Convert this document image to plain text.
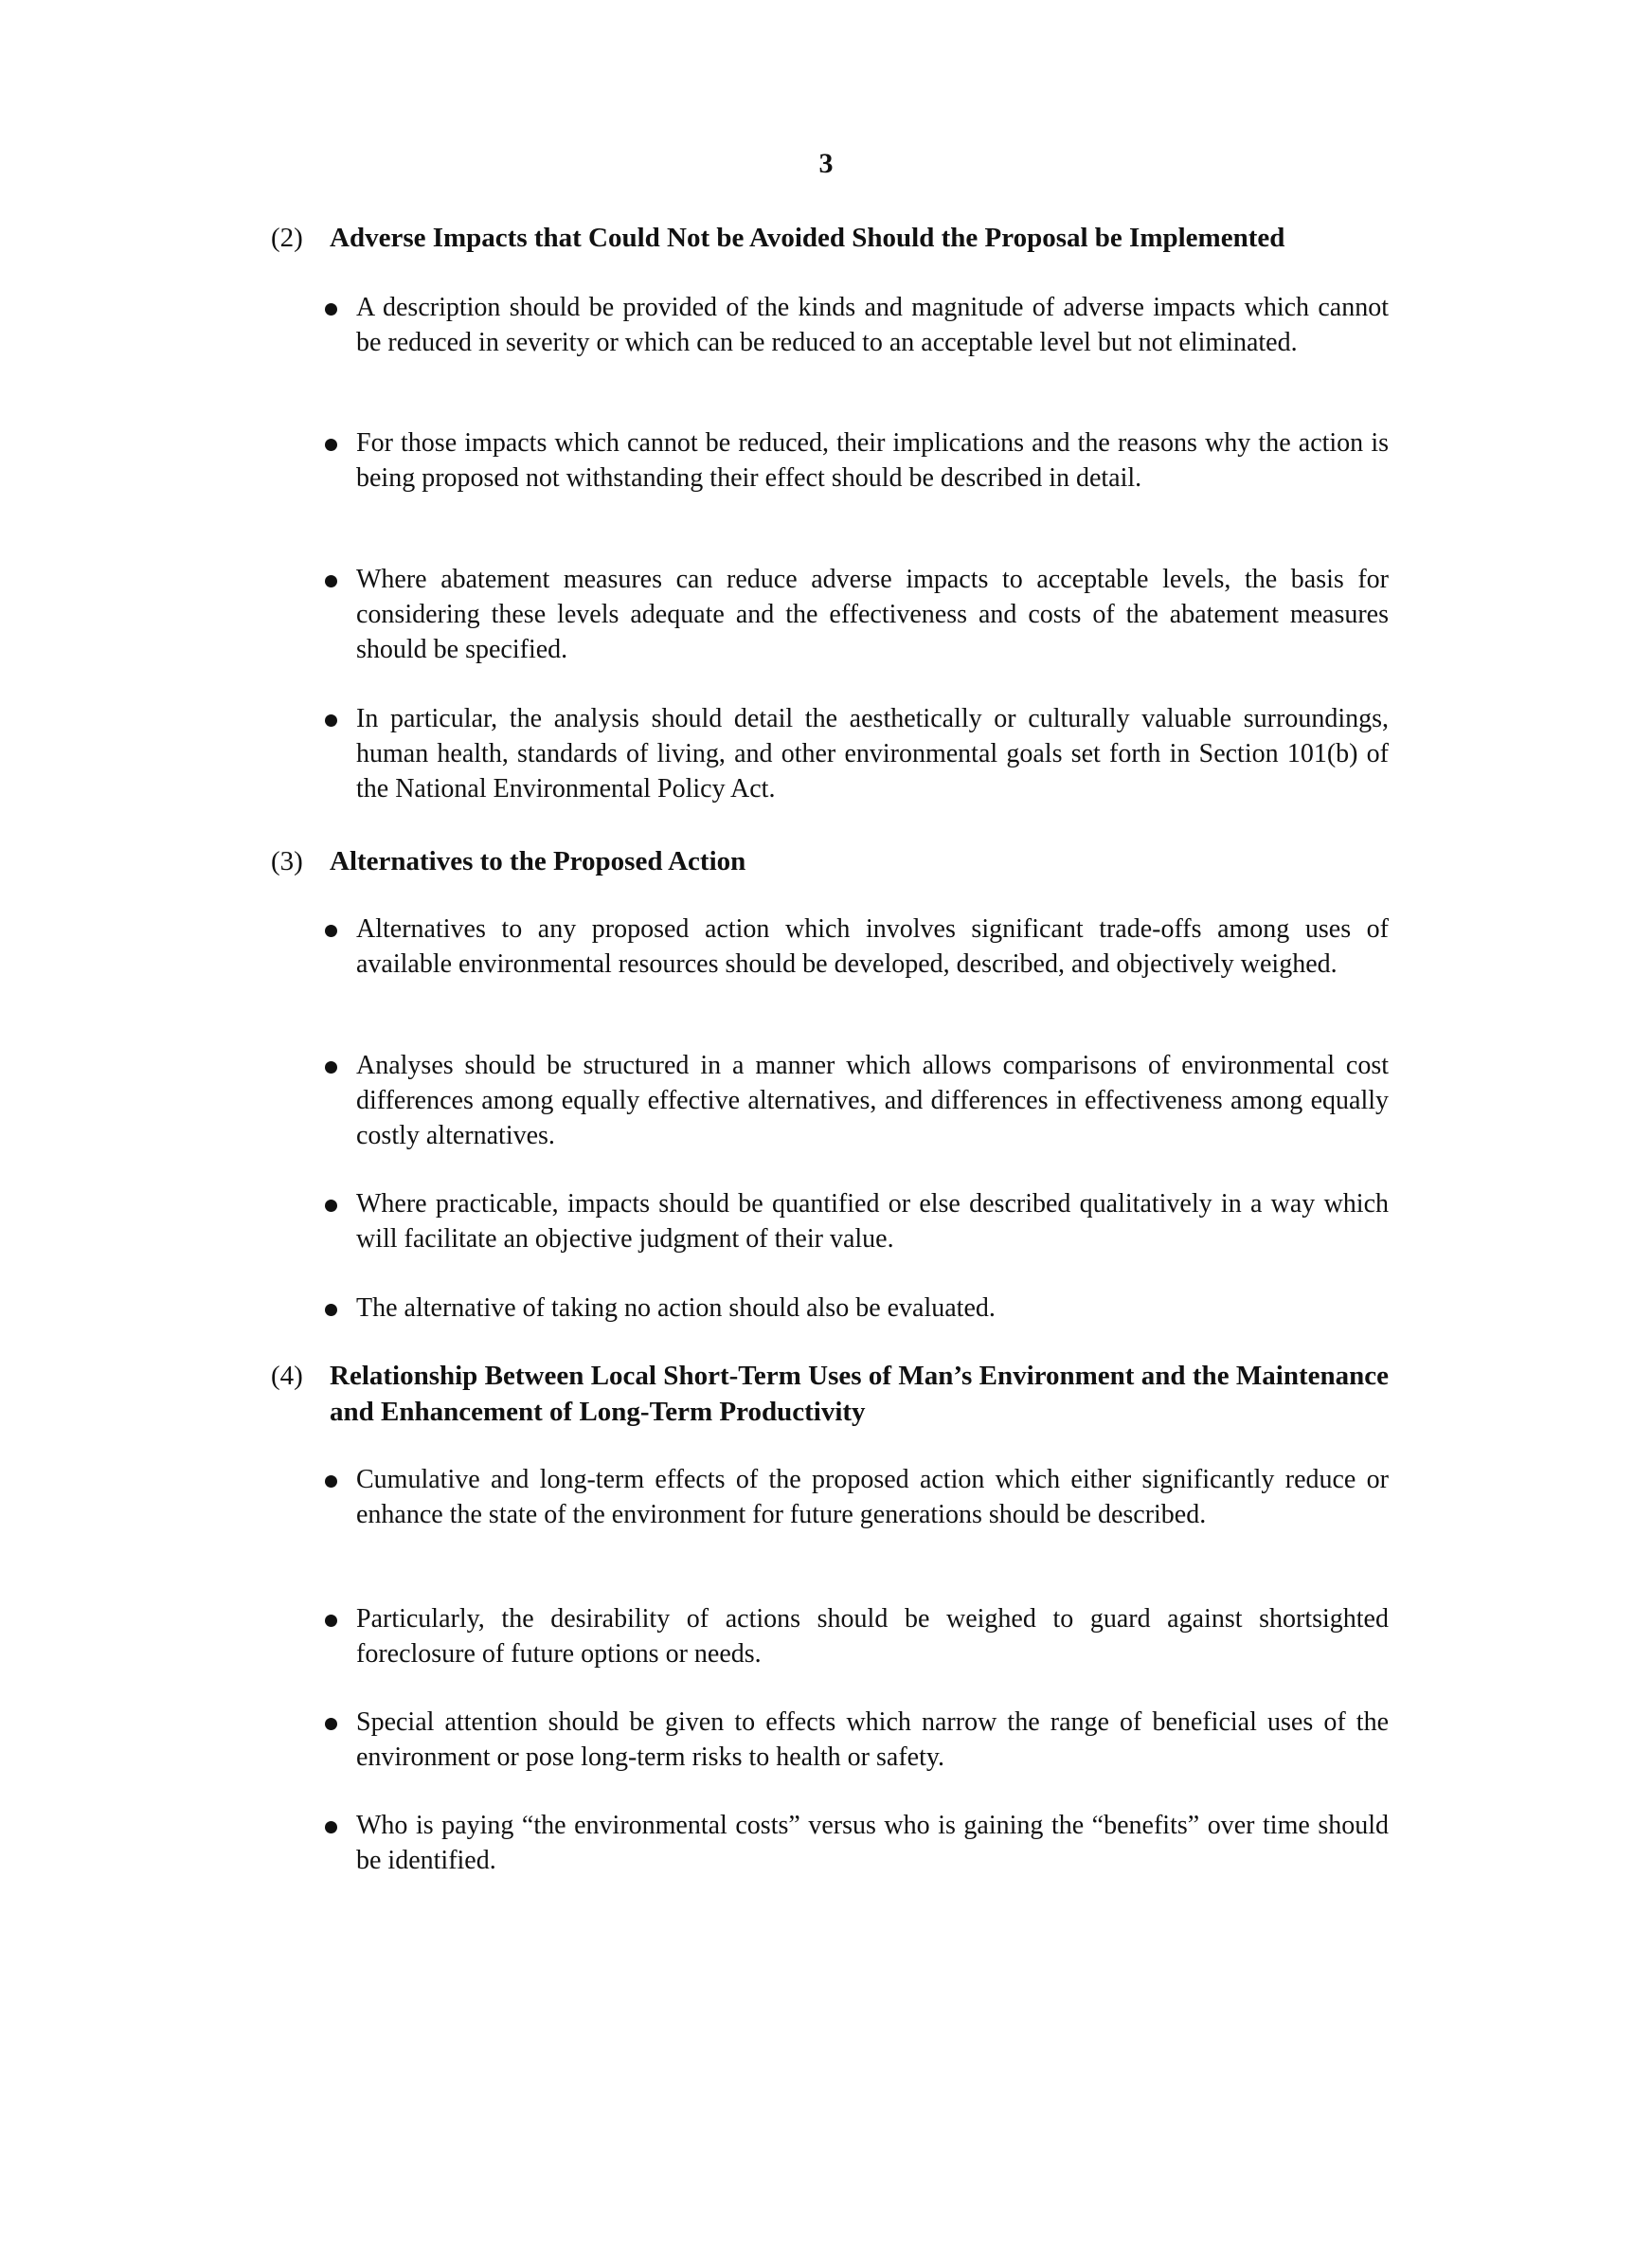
3
(2) Adverse Impacts that Could Not be Avoided Should the Proposal be Implemented
A description should be provided of the kinds and magnitude of adverse impacts which cannot be reduced in severity or which can be reduced to an acceptable level but not eliminated.
For those impacts which cannot be reduced, their implications and the reasons why the action is being proposed not withstanding their effect should be described in detail.
Where abatement measures can reduce adverse impacts to acceptable levels, the basis for considering these levels adequate and the effectiveness and costs of the abatement measures should be specified.
In particular, the analysis should detail the aesthetically or culturally valuable surroundings, human health, standards of living, and other environmental goals set forth in Section 101(b) of the National Environmental Policy Act.
(3) Alternatives to the Proposed Action
Alternatives to any proposed action which involves significant trade-offs among uses of available environmental resources should be developed, described, and objectively weighed.
Analyses should be structured in a manner which allows comparisons of environmental cost differences among equally effective alternatives, and differences in effectiveness among equally costly alternatives.
Where practicable, impacts should be quantified or else described qualitatively in a way which will facilitate an objective judgment of their value.
The alternative of taking no action should also be evaluated.
(4) Relationship Between Local Short-Term Uses of Man’s Environment and the Maintenance and Enhancement of Long-Term Productivity
Cumulative and long-term effects of the proposed action which either significantly reduce or enhance the state of the environment for future generations should be described.
Particularly, the desirability of actions should be weighed to guard against shortsighted foreclosure of future options or needs.
Special attention should be given to effects which narrow the range of beneficial uses of the environment or pose long-term risks to health or safety.
Who is paying “the environmental costs” versus who is gaining the “benefits” over time should be identified.
